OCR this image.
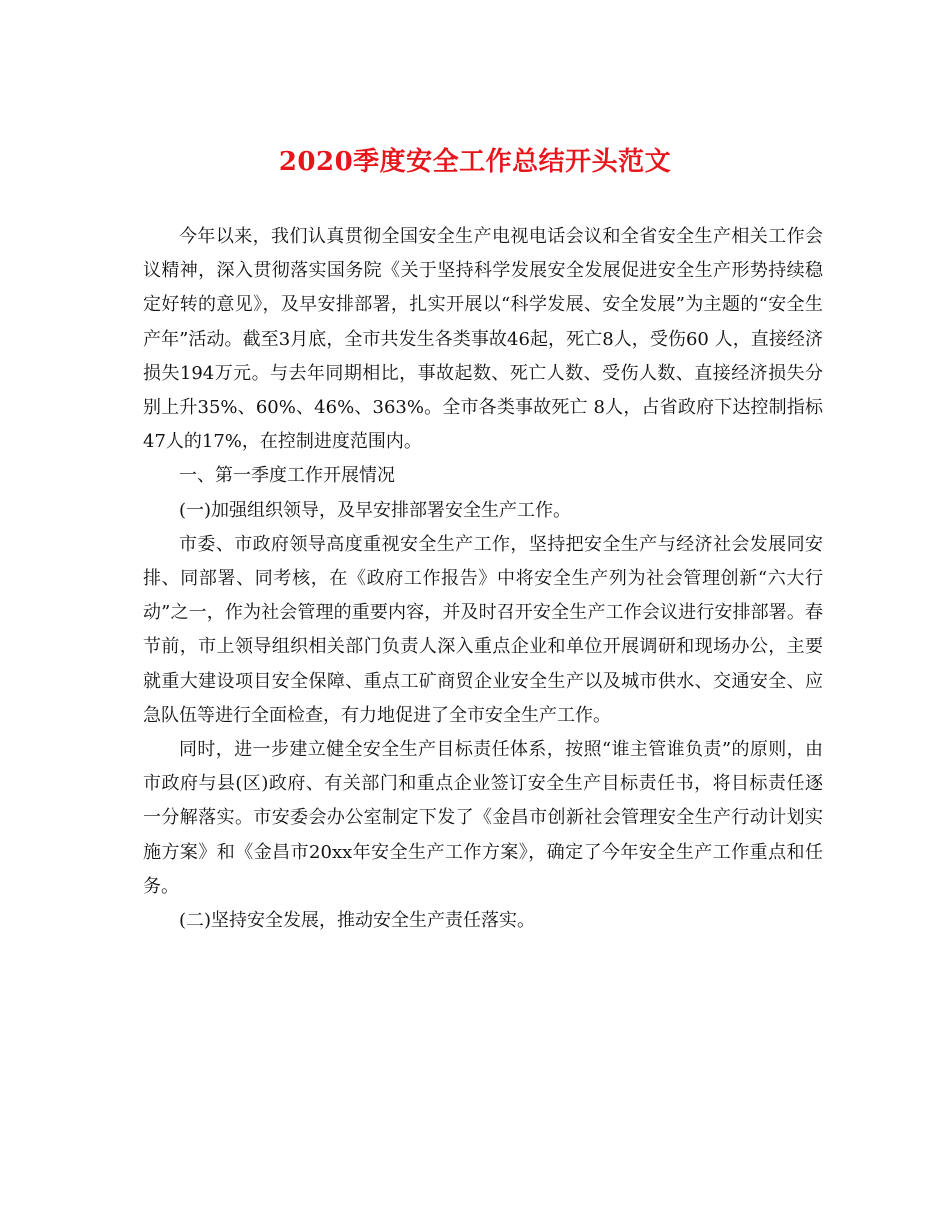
2020季度安全工作总结开头范文

今年以来，我们认真贯彻全国安全生产电视电话会议和全省安全生产相关工作会议精神，深入贯彻落实国务院《关于坚持科学发展安全发展促进安全生产形势持续稳定好转的意见》，及早安排部署，扎实开展以“科学发展、安全发展”为主题的“安全生产年”活动。截至3月底，全市共发生各类事故46起，死亡8人，受伤60 人，直接经济损失194万元。与去年同期相比，事故起数、死亡人数、受伤人数、直接经济损失分别上升35%、60%、46%、363%。全市各类事故死亡 8人，占省政府下达控制指标47人的17%，在控制进度范围内。

一、第一季度工作开展情况

(一)加强组织领导，及早安排部署安全生产工作。

市委、市政府领导高度重视安全生产工作，坚持把安全生产与经济社会发展同安排、同部署、同考核，在《政府工作报告》中将安全生产列为社会管理创新“六大行动”之一，作为社会管理的重要内容，并及时召开安全生产工作会议进行安排部署。春节前，市上领导组织相关部门负责人深入重点企业和单位开展调研和现场办公，主要就重大建设项目安全保障、重点工矿商贸企业安全生产以及城市供水、交通安全、应急队伍等进行全面检查，有力地促进了全市安全生产工作。

同时，进一步建立健全安全生产目标责任体系，按照“谁主管谁负责”的原则，由市政府与县(区)政府、有关部门和重点企业签订安全生产目标责任书，将目标责任逐一分解落实。市安委会办公室制定下发了《金昌市创新社会管理安全生产行动计划实施方案》和《金昌市20xx年安全生产工作方案》，确定了今年安全生产工作重点和任务。

(二)坚持安全发展，推动安全生产责任落实。
